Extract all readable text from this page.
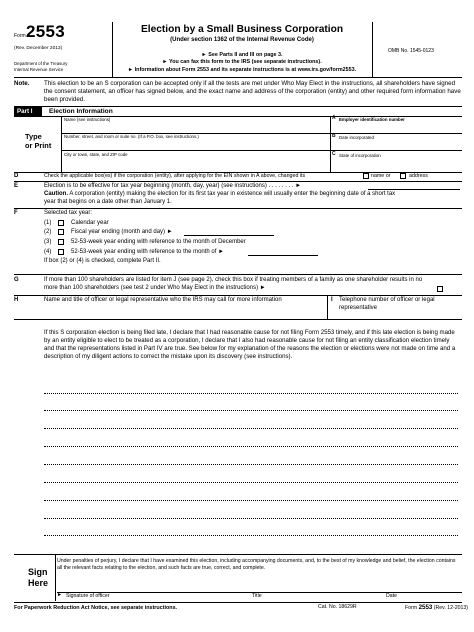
Form 2553
(Rev. December 2013)
Department of the Treasury
Internal Revenue Service
Election by a Small Business Corporation
(Under section 1362 of the Internal Revenue Code)
► See Parts II and III on page 3.
► You can fax this form to the IRS (see separate instructions).
► Information about Form 2553 and its separate instructions is at www.irs.gov/form2553.
OMB No. 1545-0123
Note. This election to be an S corporation can be accepted only if all the tests are met under Who May Elect in the instructions, all shareholders have signed the consent statement, an officer has signed below, and the exact name and address of the corporation (entity) and other required form information have been provided.
Part I	Election Information
Type
or Print
Name (see instructions)
Number, street, and room or suite no. (If a P.O. box, see instructions.)
City or town, state, and ZIP code
A Employer identification number
B Date incorporated
C State of incorporation
D	Check the applicable box(es) if the corporation (entity), after applying for the EIN shown in A above, changed its	name or	address
E	Election is to be effective for tax year beginning (month, day, year) (see instructions) . . . . . . . . ►
Caution. A corporation (entity) making the election for its first tax year in existence will usually enter the beginning date of a short tax year that begins on a date other than January 1.
F	Selected tax year:
(1)	Calendar year
(2)	Fiscal year ending (month and day) ►
(3)	52-53-week year ending with reference to the month of December
(4)	52-53-week year ending with reference to the month of ►
If box (2) or (4) is checked, complete Part II.
G	If more than 100 shareholders are listed for item J (see page 2), check this box if treating members of a family as one shareholder results in no more than 100 shareholders (see test 2 under Who May Elect in the instructions) ►
H	Name and title of officer or legal representative who the IRS may call for more information	I Telephone number of officer or legal representative
If this S corporation election is being filed late, I declare that I had reasonable cause for not filing Form 2553 timely, and if this late election is being made by an entity eligible to elect to be treated as a corporation, I declare that I also had reasonable cause for not filing an entity classification election timely and that the representations listed in Part IV are true. See below for my explanation of the reasons the election or elections were not made on time and a description of my diligent actions to correct the mistake upon its discovery (see instructions).
Sign
Here
Under penalties of perjury, I declare that I have examined this election, including accompanying documents, and, to the best of my knowledge and belief, the election contains all the relevant facts relating to the election, and such facts are true, correct, and complete.
► Signature of officer	Title	Date
For Paperwork Reduction Act Notice, see separate instructions.	Cat. No. 18629R	Form 2553 (Rev. 12-2013)
